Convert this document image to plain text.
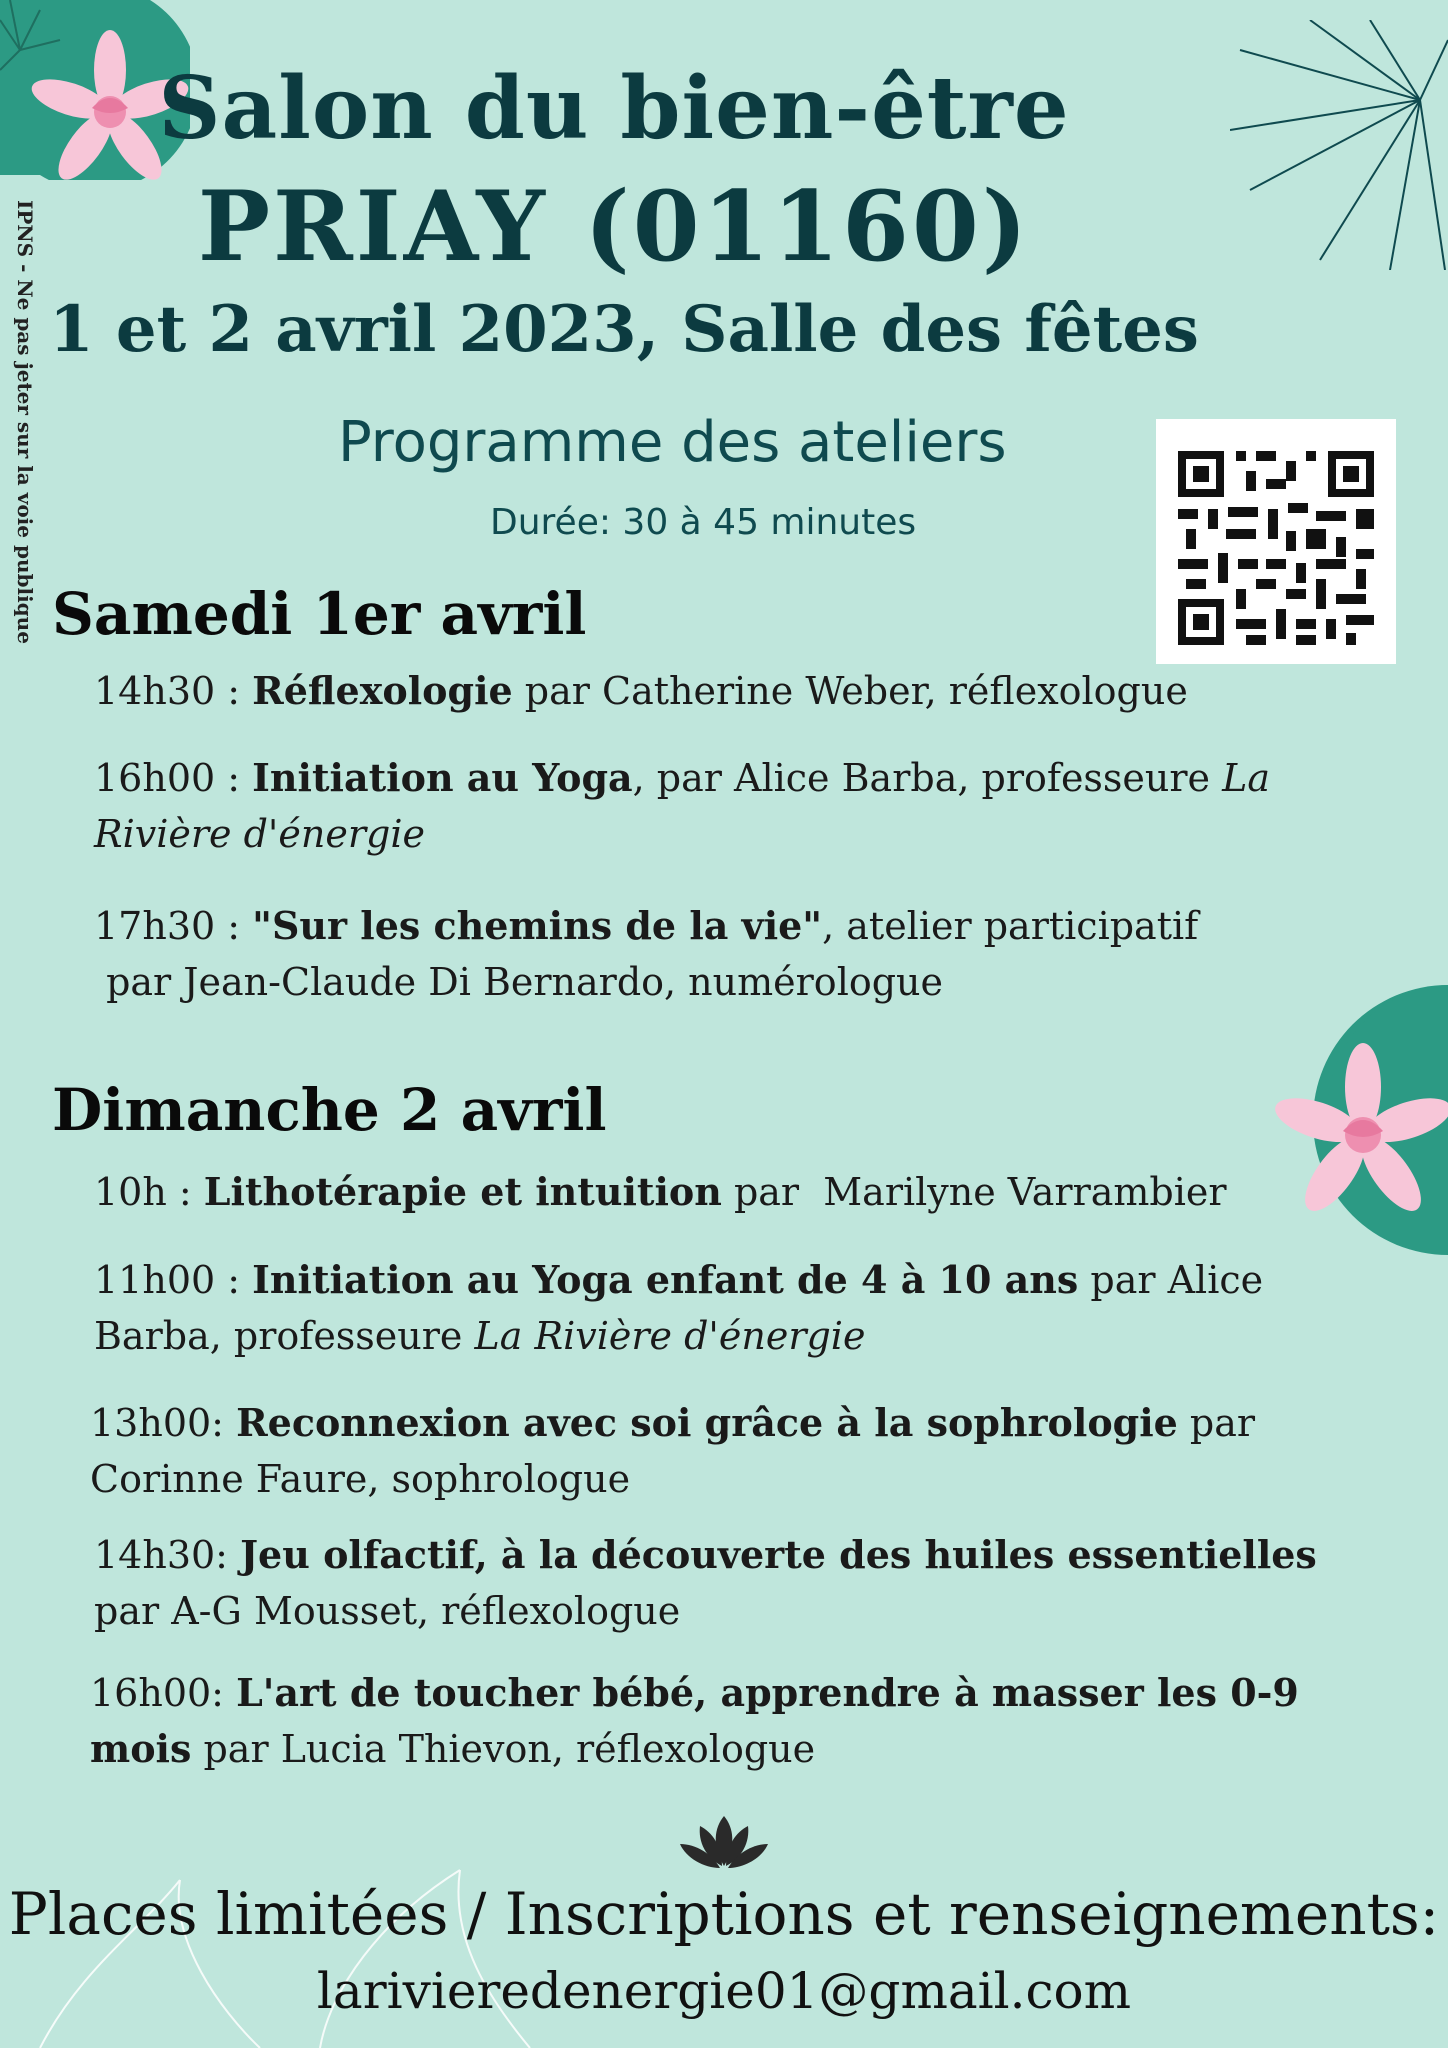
IPNS - Ne pas jeter sur la voie publique
Salon du bien-être
PRIAY (01160)
1 et 2 avril 2023, Salle des fêtes
Programme des ateliers
Durée: 30 à 45 minutes
Samedi 1er avril
14h30 : Réflexologie par Catherine Weber, réflexologue
16h00 : Initiation au Yoga, par Alice Barba, professeure La Rivière d'énergie
17h30 : "Sur les chemins de la vie", atelier participatif
par Jean-Claude Di Bernardo, numérologue
Dimanche 2 avril
10h : Lithotérapie et intuition par  Marilyne Varrambier
11h00 : Initiation au Yoga enfant de 4 à 10 ans par Alice Barba, professeure La Rivière d'énergie
13h00: Reconnexion avec soi grâce à la sophrologie par Corinne Faure, sophrologue
14h30: Jeu olfactif, à la découverte des huiles essentielles par A-G Mousset, réflexologue
16h00: L'art de toucher bébé, apprendre à masser les 0-9 mois par Lucia Thievon, réflexologue
Places limitées / Inscriptions et renseignements:
lariviere​denergie01@gmail.com
